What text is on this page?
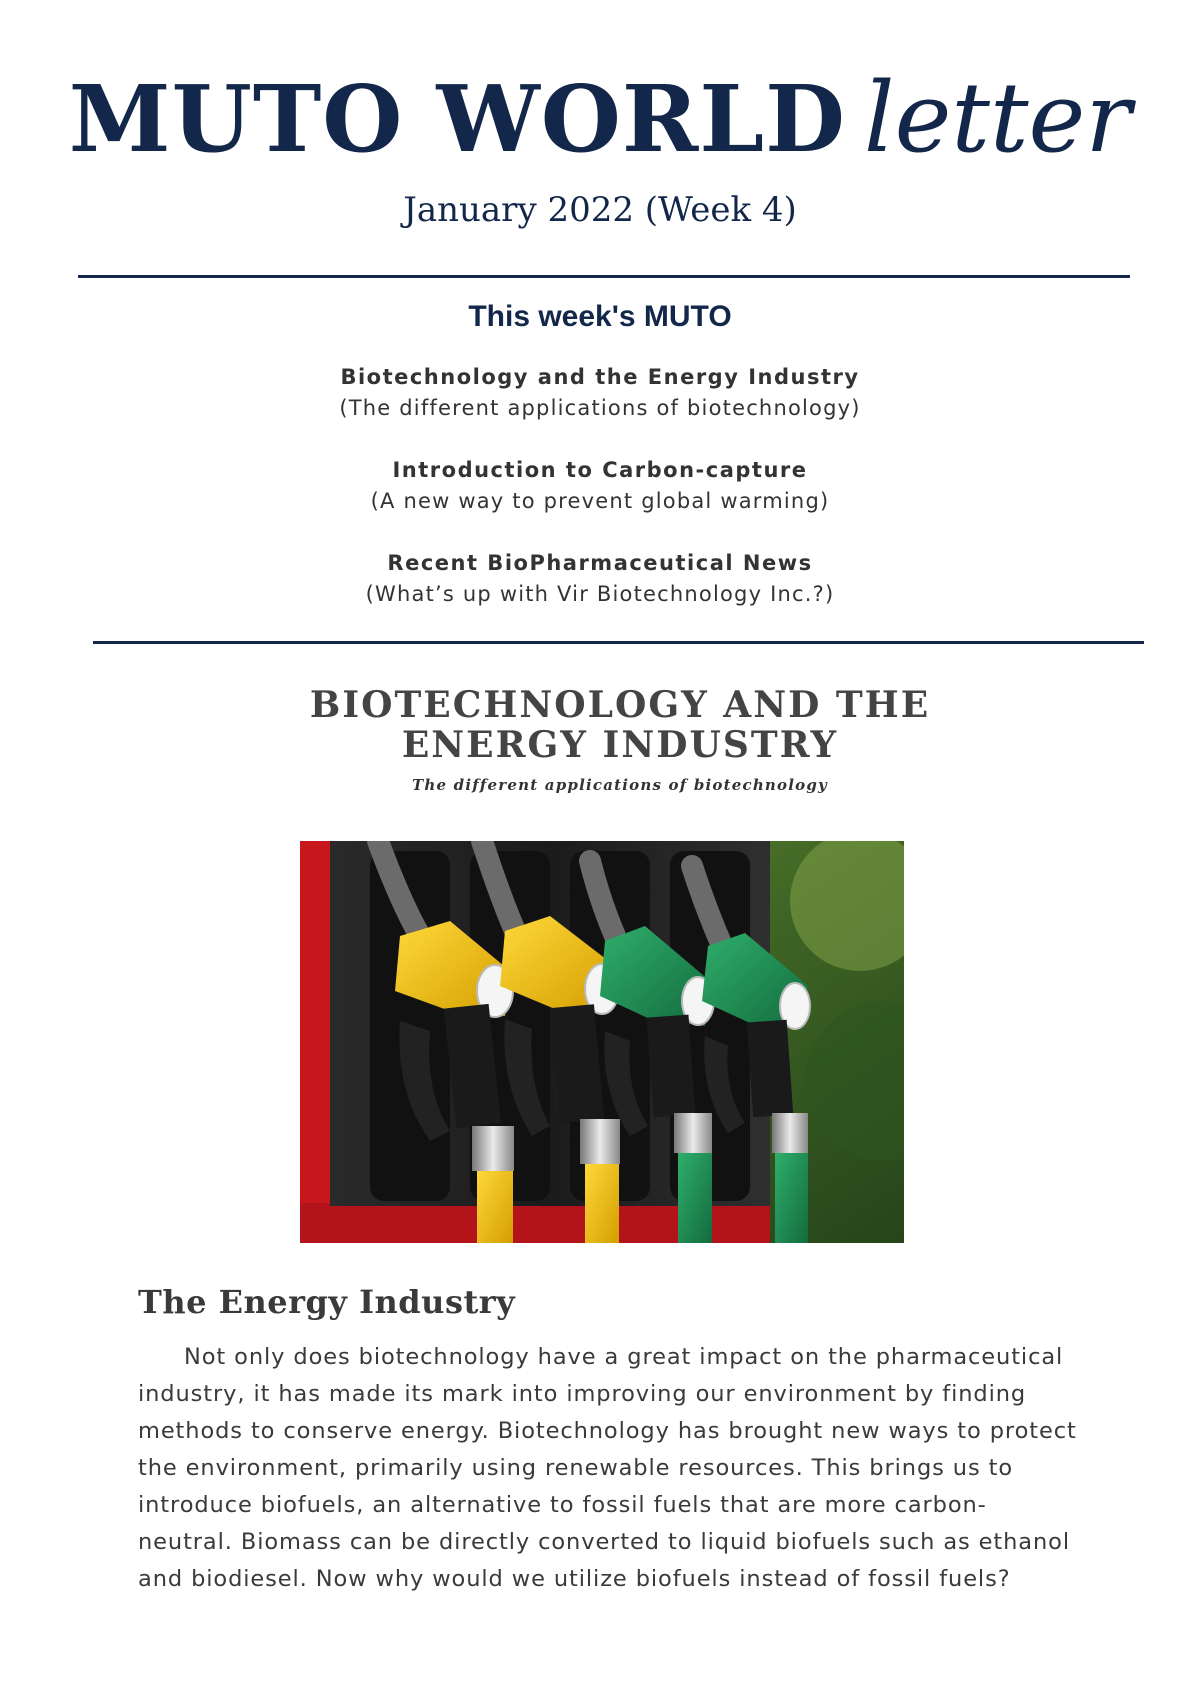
MUTO WORLD letter
January 2022 (Week 4)
This week's MUTO
Biotechnology and the Energy Industry
(The different applications of biotechnology)
Introduction to Carbon-capture
(A new way to prevent global warming)
Recent BioPharmaceutical News
(What’s up with Vir Biotechnology Inc.?)
BIOTECHNOLOGY AND THE
ENERGY INDUSTRY
The different applications of biotechnology
The Energy Industry
Not only does biotechnology have a great impact on the pharmaceutical industry, it has made its mark into improving our environment by finding methods to conserve energy. Biotechnology has brought new ways to protect the environment, primarily using renewable resources. This brings us to introduce biofuels, an alternative to fossil fuels that are more carbon-neutral. Biomass can be directly converted to liquid biofuels such as ethanol and biodiesel. Now why would we utilize biofuels instead of fossil fuels?
